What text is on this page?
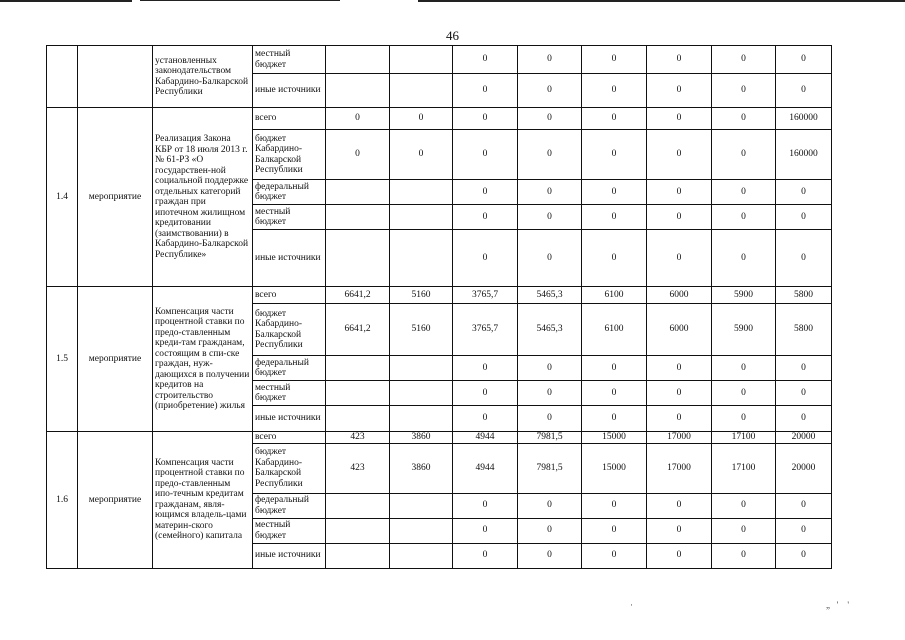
46
		установленных законодательством Кабардино-Балкарской Республики	местный бюджет			0	0	0	0	0	0
			иные источники			0	0	0	0	0	0
1.4	мероприятие	Реализация Закона КБР от 18 июля 2013 г. № 61-РЗ «О государствен-ной социальной поддержке отдельных категорий граждан при ипотечном жилищном кредитовании (заимствовании) в Кабардино-Балкарской Республике»	всего	0	0	0	0	0	0	0	160000
			бюджет Кабардино-Балкарской Республики	0	0	0	0	0	0	0	160000
			федеральный бюджет			0	0	0	0	0	0
			местный бюджет			0	0	0	0	0	0
			иные источники			0	0	0	0	0	0
1.5	мероприятие	Компенсация части процентной ставки по предо-ставленным креди-там гражданам, состоящим в спи-ске граждан, нуж-дающихся в получении кредитов на строительство (приобретение) жилья	всего	6641,2	5160	3765,7	5465,3	6100	6000	5900	5800
			бюджет Кабардино-Балкарской Республики	6641,2	5160	3765,7	5465,3	6100	6000	5900	5800
			федеральный бюджет			0	0	0	0	0	0
			местный бюджет			0	0	0	0	0	0
			иные источники			0	0	0	0	0	0
1.6	мероприятие	Компенсация части процентной ставки по предо-ставленным ипо-течным кредитам гражданам, явля-ющимся владель-цами материн-ского (семейного) капитала	всего	423	3860	4944	7981,5	15000	17000	17100	20000
			бюджет Кабардино-Балкарской Республики	423	3860	4944	7981,5	15000	17000	17100	20000
			федеральный бюджет			0	0	0	0	0	0
			местный бюджет			0	0	0	0	0	0
			иные источники			0	0	0	0	0	0
·	„   '    '
